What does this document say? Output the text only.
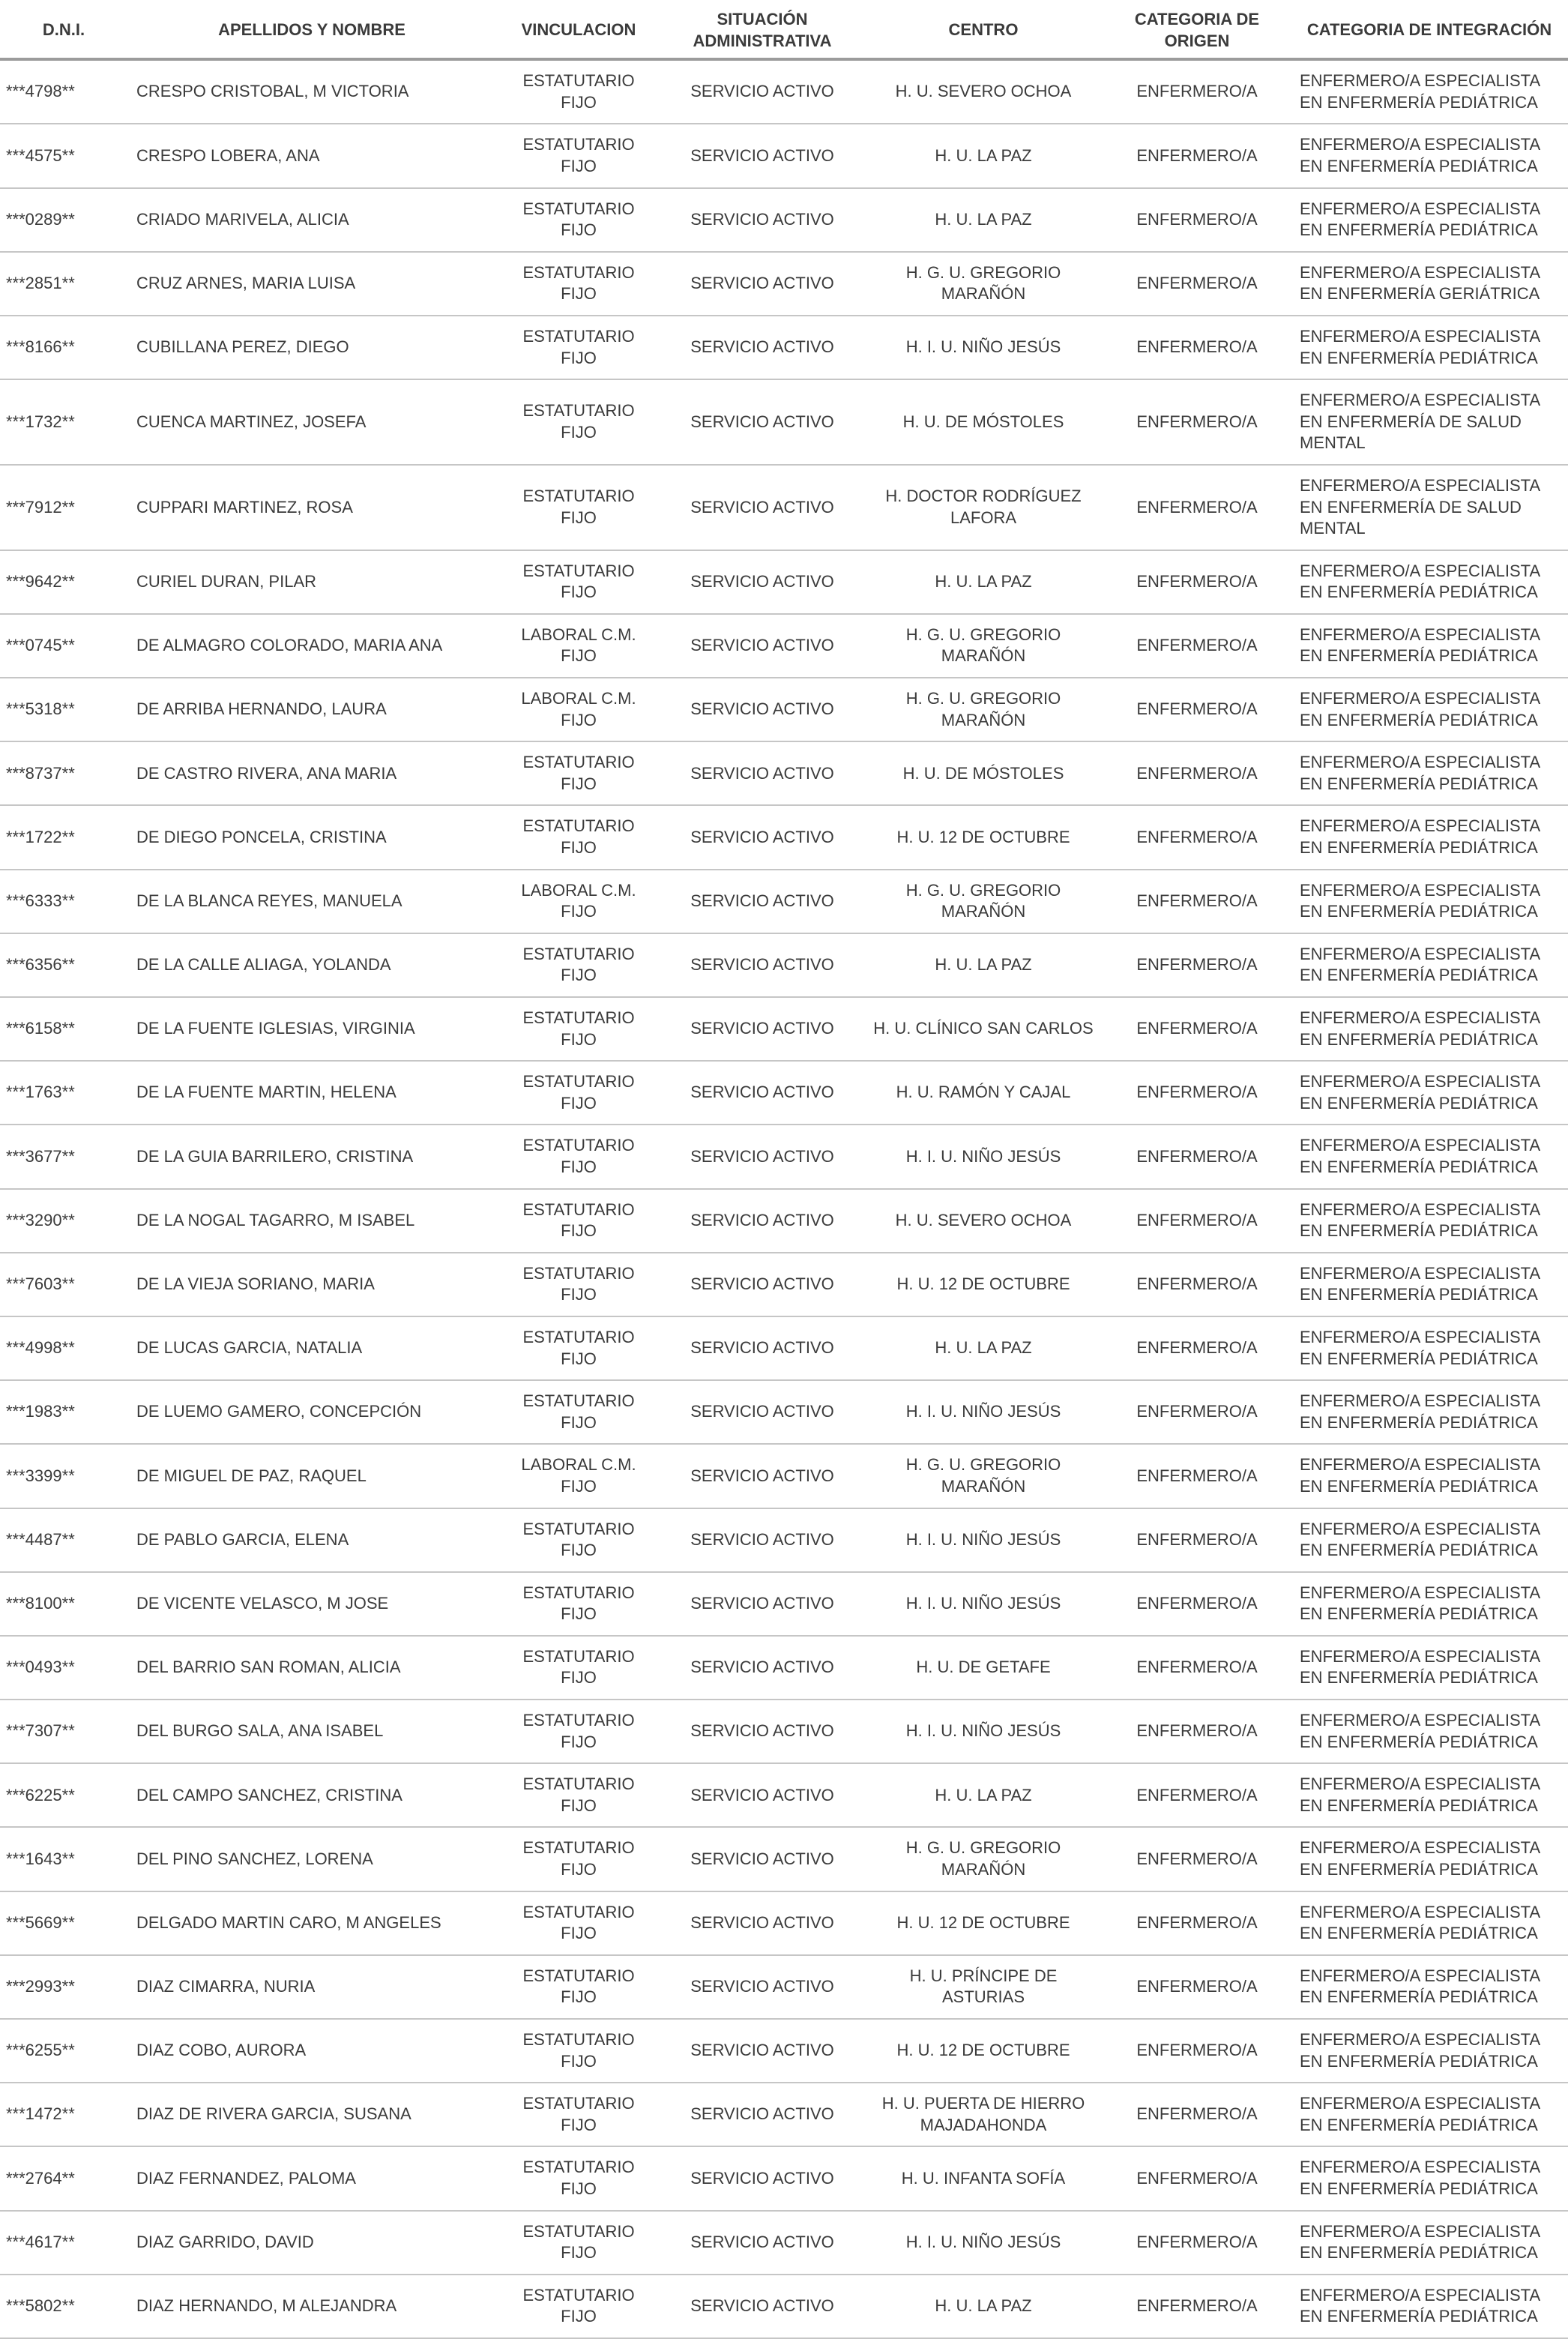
D.N.I.	APELLIDOS Y NOMBRE	VINCULACION	SITUACIÓN ADMINISTRATIVA	CENTRO	CATEGORIA DE ORIGEN	CATEGORIA DE INTEGRACIÓN
***4798**	CRESPO CRISTOBAL, M VICTORIA	ESTATUTARIO FIJO	SERVICIO ACTIVO	H. U. SEVERO OCHOA	ENFERMERO/A	ENFERMERO/A ESPECIALISTA EN ENFERMERÍA PEDIÁTRICA
***4575**	CRESPO LOBERA, ANA	ESTATUTARIO FIJO	SERVICIO ACTIVO	H. U. LA PAZ	ENFERMERO/A	ENFERMERO/A ESPECIALISTA EN ENFERMERÍA PEDIÁTRICA
***0289**	CRIADO MARIVELA, ALICIA	ESTATUTARIO FIJO	SERVICIO ACTIVO	H. U. LA PAZ	ENFERMERO/A	ENFERMERO/A ESPECIALISTA EN ENFERMERÍA PEDIÁTRICA
***2851**	CRUZ ARNES, MARIA LUISA	ESTATUTARIO FIJO	SERVICIO ACTIVO	H. G. U. GREGORIO MARAÑÓN	ENFERMERO/A	ENFERMERO/A ESPECIALISTA EN ENFERMERÍA GERIÁTRICA
***8166**	CUBILLANA PEREZ, DIEGO	ESTATUTARIO FIJO	SERVICIO ACTIVO	H. I. U. NIÑO JESÚS	ENFERMERO/A	ENFERMERO/A ESPECIALISTA EN ENFERMERÍA PEDIÁTRICA
***1732**	CUENCA MARTINEZ, JOSEFA	ESTATUTARIO FIJO	SERVICIO ACTIVO	H. U. DE MÓSTOLES	ENFERMERO/A	ENFERMERO/A ESPECIALISTA EN ENFERMERÍA DE SALUD MENTAL
***7912**	CUPPARI MARTINEZ, ROSA	ESTATUTARIO FIJO	SERVICIO ACTIVO	H. DOCTOR RODRÍGUEZ LAFORA	ENFERMERO/A	ENFERMERO/A ESPECIALISTA EN ENFERMERÍA DE SALUD MENTAL
***9642**	CURIEL DURAN, PILAR	ESTATUTARIO FIJO	SERVICIO ACTIVO	H. U. LA PAZ	ENFERMERO/A	ENFERMERO/A ESPECIALISTA EN ENFERMERÍA PEDIÁTRICA
***0745**	DE ALMAGRO COLORADO, MARIA ANA	LABORAL C.M. FIJO	SERVICIO ACTIVO	H. G. U. GREGORIO MARAÑÓN	ENFERMERO/A	ENFERMERO/A ESPECIALISTA EN ENFERMERÍA PEDIÁTRICA
***5318**	DE ARRIBA HERNANDO, LAURA	LABORAL C.M. FIJO	SERVICIO ACTIVO	H. G. U. GREGORIO MARAÑÓN	ENFERMERO/A	ENFERMERO/A ESPECIALISTA EN ENFERMERÍA PEDIÁTRICA
***8737**	DE CASTRO RIVERA, ANA MARIA	ESTATUTARIO FIJO	SERVICIO ACTIVO	H. U. DE MÓSTOLES	ENFERMERO/A	ENFERMERO/A ESPECIALISTA EN ENFERMERÍA PEDIÁTRICA
***1722**	DE DIEGO PONCELA, CRISTINA	ESTATUTARIO FIJO	SERVICIO ACTIVO	H. U. 12 DE OCTUBRE	ENFERMERO/A	ENFERMERO/A ESPECIALISTA EN ENFERMERÍA PEDIÁTRICA
***6333**	DE LA BLANCA REYES, MANUELA	LABORAL C.M. FIJO	SERVICIO ACTIVO	H. G. U. GREGORIO MARAÑÓN	ENFERMERO/A	ENFERMERO/A ESPECIALISTA EN ENFERMERÍA PEDIÁTRICA
***6356**	DE LA CALLE ALIAGA, YOLANDA	ESTATUTARIO FIJO	SERVICIO ACTIVO	H. U. LA PAZ	ENFERMERO/A	ENFERMERO/A ESPECIALISTA EN ENFERMERÍA PEDIÁTRICA
***6158**	DE LA FUENTE IGLESIAS, VIRGINIA	ESTATUTARIO FIJO	SERVICIO ACTIVO	H. U. CLÍNICO SAN CARLOS	ENFERMERO/A	ENFERMERO/A ESPECIALISTA EN ENFERMERÍA PEDIÁTRICA
***1763**	DE LA FUENTE MARTIN, HELENA	ESTATUTARIO FIJO	SERVICIO ACTIVO	H. U. RAMÓN Y CAJAL	ENFERMERO/A	ENFERMERO/A ESPECIALISTA EN ENFERMERÍA PEDIÁTRICA
***3677**	DE LA GUIA BARRILERO, CRISTINA	ESTATUTARIO FIJO	SERVICIO ACTIVO	H. I. U. NIÑO JESÚS	ENFERMERO/A	ENFERMERO/A ESPECIALISTA EN ENFERMERÍA PEDIÁTRICA
***3290**	DE LA NOGAL TAGARRO, M ISABEL	ESTATUTARIO FIJO	SERVICIO ACTIVO	H. U. SEVERO OCHOA	ENFERMERO/A	ENFERMERO/A ESPECIALISTA EN ENFERMERÍA PEDIÁTRICA
***7603**	DE LA VIEJA SORIANO, MARIA	ESTATUTARIO FIJO	SERVICIO ACTIVO	H. U. 12 DE OCTUBRE	ENFERMERO/A	ENFERMERO/A ESPECIALISTA EN ENFERMERÍA PEDIÁTRICA
***4998**	DE LUCAS GARCIA, NATALIA	ESTATUTARIO FIJO	SERVICIO ACTIVO	H. U. LA PAZ	ENFERMERO/A	ENFERMERO/A ESPECIALISTA EN ENFERMERÍA PEDIÁTRICA
***1983**	DE LUEMO GAMERO, CONCEPCIÓN	ESTATUTARIO FIJO	SERVICIO ACTIVO	H. I. U. NIÑO JESÚS	ENFERMERO/A	ENFERMERO/A ESPECIALISTA EN ENFERMERÍA PEDIÁTRICA
***3399**	DE MIGUEL DE PAZ, RAQUEL	LABORAL C.M. FIJO	SERVICIO ACTIVO	H. G. U. GREGORIO MARAÑÓN	ENFERMERO/A	ENFERMERO/A ESPECIALISTA EN ENFERMERÍA PEDIÁTRICA
***4487**	DE PABLO GARCIA, ELENA	ESTATUTARIO FIJO	SERVICIO ACTIVO	H. I. U. NIÑO JESÚS	ENFERMERO/A	ENFERMERO/A ESPECIALISTA EN ENFERMERÍA PEDIÁTRICA
***8100**	DE VICENTE VELASCO, M JOSE	ESTATUTARIO FIJO	SERVICIO ACTIVO	H. I. U. NIÑO JESÚS	ENFERMERO/A	ENFERMERO/A ESPECIALISTA EN ENFERMERÍA PEDIÁTRICA
***0493**	DEL BARRIO SAN ROMAN, ALICIA	ESTATUTARIO FIJO	SERVICIO ACTIVO	H. U. DE GETAFE	ENFERMERO/A	ENFERMERO/A ESPECIALISTA EN ENFERMERÍA PEDIÁTRICA
***7307**	DEL BURGO SALA, ANA ISABEL	ESTATUTARIO FIJO	SERVICIO ACTIVO	H. I. U. NIÑO JESÚS	ENFERMERO/A	ENFERMERO/A ESPECIALISTA EN ENFERMERÍA PEDIÁTRICA
***6225**	DEL CAMPO SANCHEZ, CRISTINA	ESTATUTARIO FIJO	SERVICIO ACTIVO	H. U. LA PAZ	ENFERMERO/A	ENFERMERO/A ESPECIALISTA EN ENFERMERÍA PEDIÁTRICA
***1643**	DEL PINO SANCHEZ, LORENA	ESTATUTARIO FIJO	SERVICIO ACTIVO	H. G. U. GREGORIO MARAÑÓN	ENFERMERO/A	ENFERMERO/A ESPECIALISTA EN ENFERMERÍA PEDIÁTRICA
***5669**	DELGADO MARTIN CARO, M ANGELES	ESTATUTARIO FIJO	SERVICIO ACTIVO	H. U. 12 DE OCTUBRE	ENFERMERO/A	ENFERMERO/A ESPECIALISTA EN ENFERMERÍA PEDIÁTRICA
***2993**	DIAZ CIMARRA, NURIA	ESTATUTARIO FIJO	SERVICIO ACTIVO	H. U. PRÍNCIPE DE ASTURIAS	ENFERMERO/A	ENFERMERO/A ESPECIALISTA EN ENFERMERÍA PEDIÁTRICA
***6255**	DIAZ COBO, AURORA	ESTATUTARIO FIJO	SERVICIO ACTIVO	H. U. 12 DE OCTUBRE	ENFERMERO/A	ENFERMERO/A ESPECIALISTA EN ENFERMERÍA PEDIÁTRICA
***1472**	DIAZ DE RIVERA GARCIA, SUSANA	ESTATUTARIO FIJO	SERVICIO ACTIVO	H. U. PUERTA DE HIERRO MAJADAHONDA	ENFERMERO/A	ENFERMERO/A ESPECIALISTA EN ENFERMERÍA PEDIÁTRICA
***2764**	DIAZ FERNANDEZ, PALOMA	ESTATUTARIO FIJO	SERVICIO ACTIVO	H. U. INFANTA SOFÍA	ENFERMERO/A	ENFERMERO/A ESPECIALISTA EN ENFERMERÍA PEDIÁTRICA
***4617**	DIAZ GARRIDO, DAVID	ESTATUTARIO FIJO	SERVICIO ACTIVO	H. I. U. NIÑO JESÚS	ENFERMERO/A	ENFERMERO/A ESPECIALISTA EN ENFERMERÍA PEDIÁTRICA
***5802**	DIAZ HERNANDO, M ALEJANDRA	ESTATUTARIO FIJO	SERVICIO ACTIVO	H. U. LA PAZ	ENFERMERO/A	ENFERMERO/A ESPECIALISTA EN ENFERMERÍA PEDIÁTRICA
